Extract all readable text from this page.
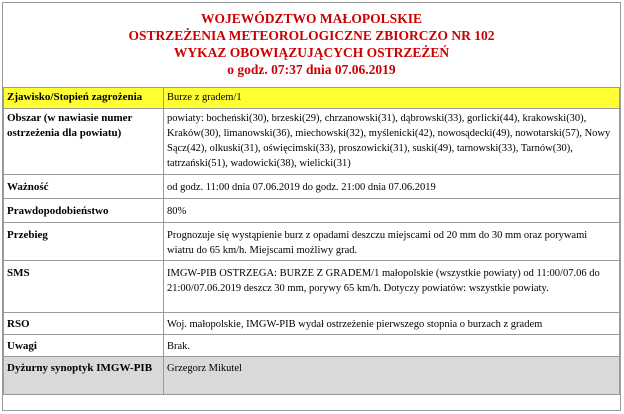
WOJEWÓDZTWO MAŁOPOLSKIE
OSTRZEŻENIA METEOROLOGICZNE ZBIORCZO NR 102
WYKAZ OBOWIĄZUJĄCYCH OSTRZEŻEŃ
o godz. 07:37 dnia 07.06.2019
Zjawisko/Stopień zagrożenia	Burze z gradem/1
Obszar (w nawiasie numer ostrzeżenia dla powiatu)	powiaty: bocheński(30), brzeski(29), chrzanowski(31), dąbrowski(33), gorlicki(44), krakowski(30), Kraków(30), limanowski(36), miechowski(32), myślenicki(42), nowosądecki(49), nowotarski(57), Nowy Sącz(42), olkuski(31), oświęcimski(33), proszowicki(31), suski(49), tarnowski(33), Tarnów(30), tatrzański(51), wadowicki(38), wielicki(31)
Ważność	od godz. 11:00 dnia 07.06.2019 do godz. 21:00 dnia 07.06.2019
Prawdopodobieństwo	80%
Przebieg	Prognozuje się wystąpienie burz z opadami deszczu miejscami od 20 mm do 30 mm oraz porywami wiatru do 65 km/h. Miejscami możliwy grad.
SMS	IMGW-PIB OSTRZEGA: BURZE Z GRADEM/1 małopolskie (wszystkie powiaty) od 11:00/07.06 do 21:00/07.06.2019 deszcz 30 mm, porywy 65 km/h. Dotyczy powiatów: wszystkie powiaty.
RSO	Woj. małopolskie, IMGW-PIB wydał ostrzeżenie pierwszego stopnia o burzach z gradem
Uwagi	Brak.
Dyżurny synoptyk IMGW-PIB	Grzegorz Mikutel
